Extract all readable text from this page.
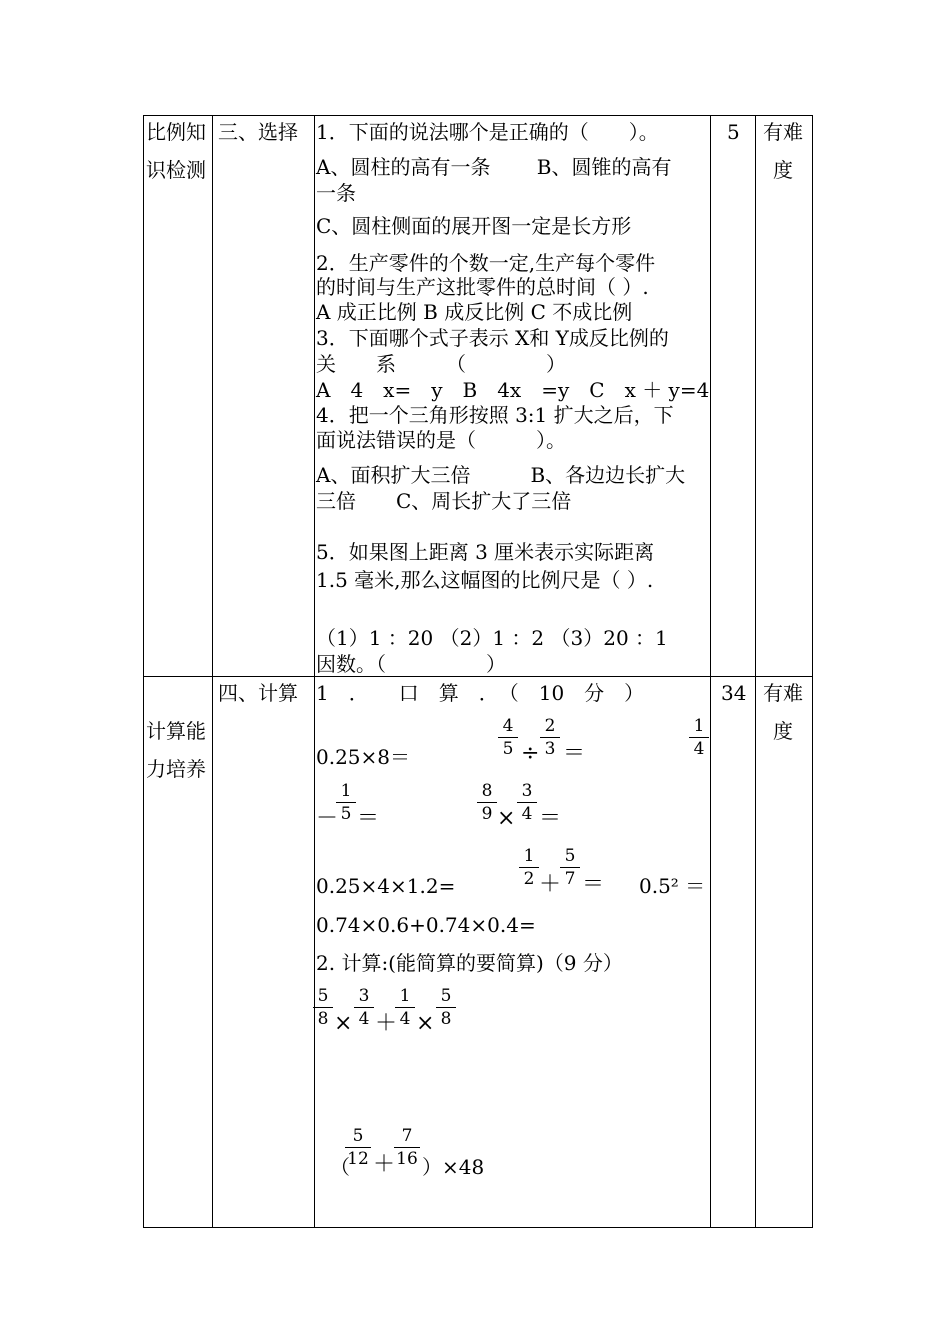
比例知
识检测
三、选择	5 有难
度
1．下面的说法哪个是正确的（　　）。
A、圆柱的高有一条　　 B、圆锥的高有
一条
C、圆柱侧面的展开图一定是长方形
2．生产零件的个数一定,生产每个零件
的时间与生产这批零件的总时间（ ）.
A 成正比例 B 成反比例 C 不成比例
3．下面哪个式子表示 X和 Y成反比例的
关　　系　　　（　　　　）
A　4　x=　y　B　4x　=y　C　x ＋ y=4
4．把一个三角形按照 3:1 扩大之后，下
面说法错误的是（　　　）。
A、面积扩大三倍　　　B、各边边长扩大
三倍　　C、周长扩大了三倍
5．如果图上距离 3 厘米表示实际距离
1.5 毫米,那么这幅图的比例尺是（ ）.
（1）1 ：20 （2）1 ：2 （3）20 ：1
因数。（　　　　　）
计算能
力培养
四、计算	34 有难
度
1　．　　口　算　．　（　10　分　）
0.25×8＝
4
5 ÷
2
3 ＝
1
4
－
1
5 ＝
8
9 ×
3
4 ＝
0.25×4×1.2=
1
2 ＋
5
7 ＝ 0.5² ＝
0.74×0.6+0.74×0.4=
2. 计算:(能简算的要简算)（9 分）
5
8 ×
3
4 ＋
1
4 ×
5
8
（
5
12 ＋
7
16 ）×48
